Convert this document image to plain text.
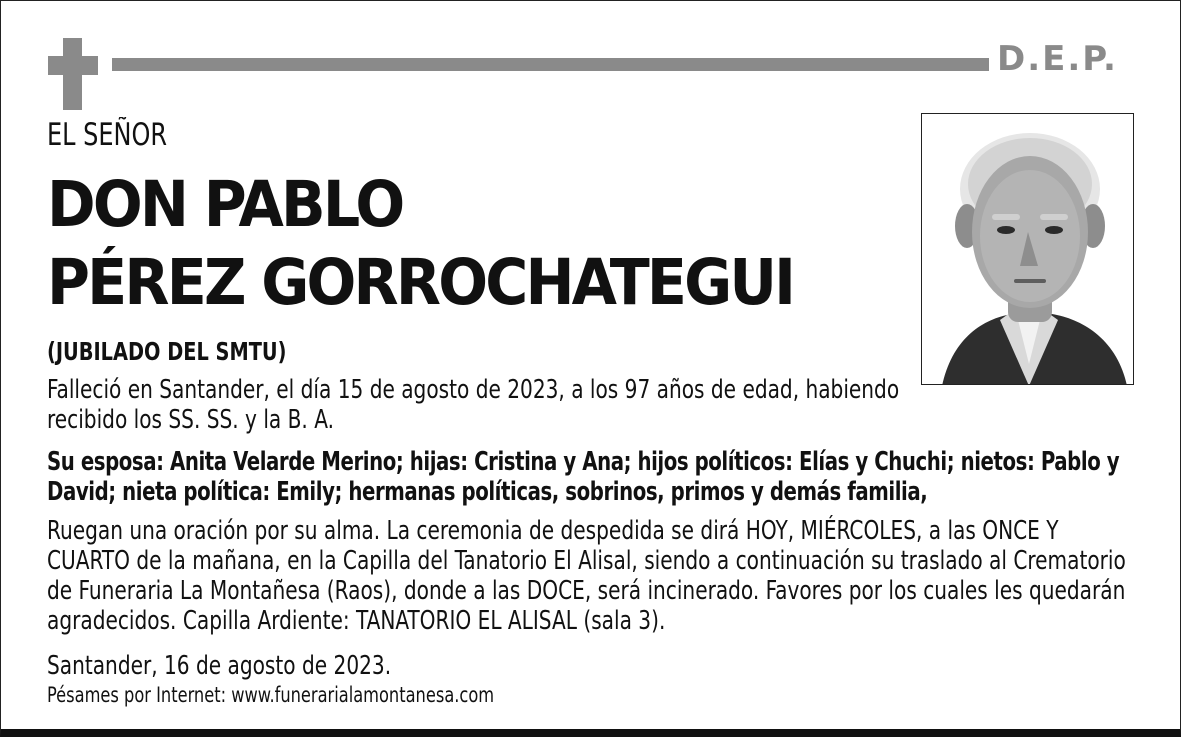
D.E.P.
EL SEÑOR
DON PABLO
PÉREZ GORROCHATEGUI
(JUBILADO DEL SMTU)
Falleció en Santander, el día 15 de agosto de 2023, a los 97 años de edad, habiendo recibido los SS. SS. y la B. A.
Su esposa: Anita Velarde Merino; hijas: Cristina y Ana; hijos políticos: Elías y Chuchi; nietos: Pablo y David; nieta política: Emily; hermanas políticas, sobrinos, primos y demás familia,
Ruegan una oración por su alma. La ceremonia de despedida se dirá HOY, MIÉRCOLES, a las ONCE Y CUARTO de la mañana, en la Capilla del Tanatorio El Alisal, siendo a continuación su traslado al Crematorio de Funeraria La Montañesa (Raos), donde a las DOCE, será incinerado. Favores por los cuales les quedarán agradecidos. Capilla Ardiente: TANATORIO EL ALISAL (sala 3).
Santander, 16 de agosto de 2023.
Pésames por Internet: www.funerarialamontanesa.com
